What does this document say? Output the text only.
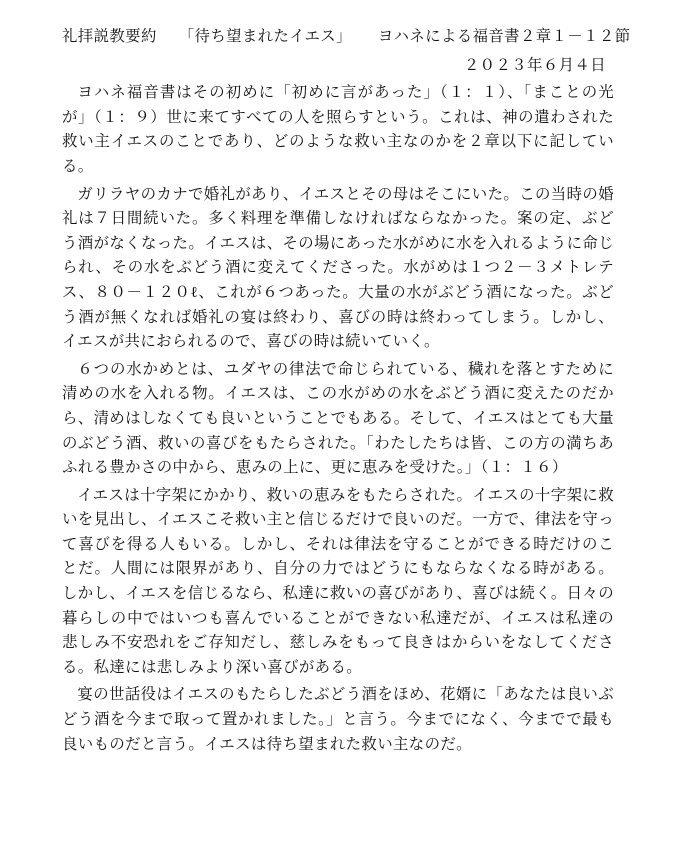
礼拝説教要約 「待ち望まれたイエス」 ヨハネによる福音書２章１－１２節
２０２３年６月４日

ヨハネ福音書はその初めに「初めに言があった」（１：１）、「まことの光が」（１：９）世に来てすべての人を照らすという。これは、神の遣わされた救い主イエスのことであり、どのような救い主なのかを２章以下に記している。

ガリラヤのカナで婚礼があり、イエスとその母はそこにいた。この当時の婚礼は７日間続いた。多く料理を準備しなければならなかった。案の定、ぶどう酒がなくなった。イエスは、その場にあった水がめに水を入れるように命じられ、その水をぶどう酒に変えてくださった。水がめは１つ２－３メトレテス、８０－１２０ℓ、これが６つあった。大量の水がぶどう酒になった。ぶどう酒が無くなれば婚礼の宴は終わり、喜びの時は終わってしまう。しかし、イエスが共におられるので、喜びの時は続いていく。

６つの水かめとは、ユダヤの律法で命じられている、穢れを落とすために清めの水を入れる物。イエスは、この水がめの水をぶどう酒に変えたのだから、清めはしなくても良いということでもある。そして、イエスはとても大量のぶどう酒、救いの喜びをもたらされた。「わたしたちは皆、この方の満ちあふれる豊かさの中から、恵みの上に、更に恵みを受けた。」（１：１６）

イエスは十字架にかかり、救いの恵みをもたらされた。イエスの十字架に救いを見出し、イエスこそ救い主と信じるだけで良いのだ。一方で、律法を守って喜びを得る人もいる。しかし、それは律法を守ることができる時だけのことだ。人間には限界があり、自分の力ではどうにもならなくなる時がある。しかし、イエスを信じるなら、私達に救いの喜びがあり、喜びは続く。日々の暮らしの中ではいつも喜んでいることができない私達だが、イエスは私達の悲しみ不安恐れをご存知だし、慈しみをもって良きはからいをなしてくださる。私達には悲しみより深い喜びがある。

宴の世話役はイエスのもたらしたぶどう酒をほめ、花婿に「あなたは良いぶどう酒を今まで取って置かれました。」と言う。今までになく、今までで最も良いものだと言う。イエスは待ち望まれた救い主なのだ。
